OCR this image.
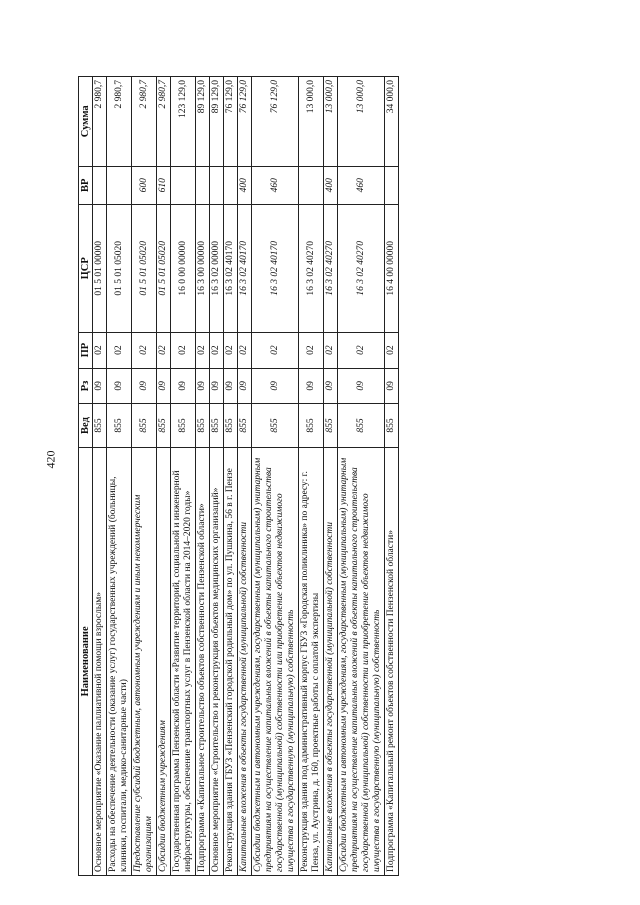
420
Наименование	Вед	Рз	ПР	ЦСР	ВР	Сумма
Основное мероприятие «Оказание паллиативной помощи взрослым»	855	09	02	01 5 01 00000		2 980,7
Расходы на обеспечение деятельности (оказание услуг) государственных учреждений (больницы, клиники, госпитали, медико-санитарные части)	855	09	02	01 5 01 05020		2 980,7
Предоставление субсидий бюджетным, автономным учреждениям и иным некоммерческим организациям	855	09	02	01 5 01 05020	600	2 980,7
Субсидии бюджетным учреждениям	855	09	02	01 5 01 05020	610	2 980,7
Государственная программа Пензенской области «Развитие территорий, социальной и инженерной инфраструктуры, обеспечение транспортных услуг в Пензенской области на 2014–2020 годы»	855	09	02	16 0 00 00000		123 129,0
Подпрограмма «Капитальное строительство объектов собственности Пензенской области»	855	09	02	16 3 00 00000		89 129,0
Основное мероприятие «Строительство и реконструкция объектов медицинских организаций»	855	09	02	16 3 02 00000		89 129,0
Реконструкция здания ГБУЗ «Пензенский городской родильный дом» по ул. Пушкина, 56 в г. Пензе	855	09	02	16 3 02 40170		76 129,0
Капитальные вложения в объекты государственной (муниципальной) собственности	855	09	02	16 3 02 40170	400	76 129,0
Субсидии бюджетным и автономным учреждениям, государственным (муниципальным) унитарным предприятиям на осуществление капитальных вложений в объекты капитального строительства государственной (муниципальной) собственности или приобретение объектов недвижимого имущества в государственную (муниципальную) собственность	855	09	02	16 3 02 40170	460	76 129,0
Реконструкция здания под административный корпус ГБУЗ «Городская поликлиника» по адресу: г. Пенза, ул. Аустрина, д. 160, проектные работы с оплатой экспертизы	855	09	02	16 3 02 40270		13 000,0
Капитальные вложения в объекты государственной (муниципальной) собственности	855	09	02	16 3 02 40270	400	13 000,0
Субсидии бюджетным и автономным учреждениям, государственным (муниципальным) унитарным предприятиям на осуществление капитальных вложений в объекты капитального строительства государственной (муниципальной) собственности или приобретение объектов недвижимого имущества в государственную (муниципальную) собственность	855	09	02	16 3 02 40270	460	13 000,0
Подпрограмма «Капитальный ремонт объектов собственности Пензенской области»	855	09	02	16 4 00 00000		34 000,0
